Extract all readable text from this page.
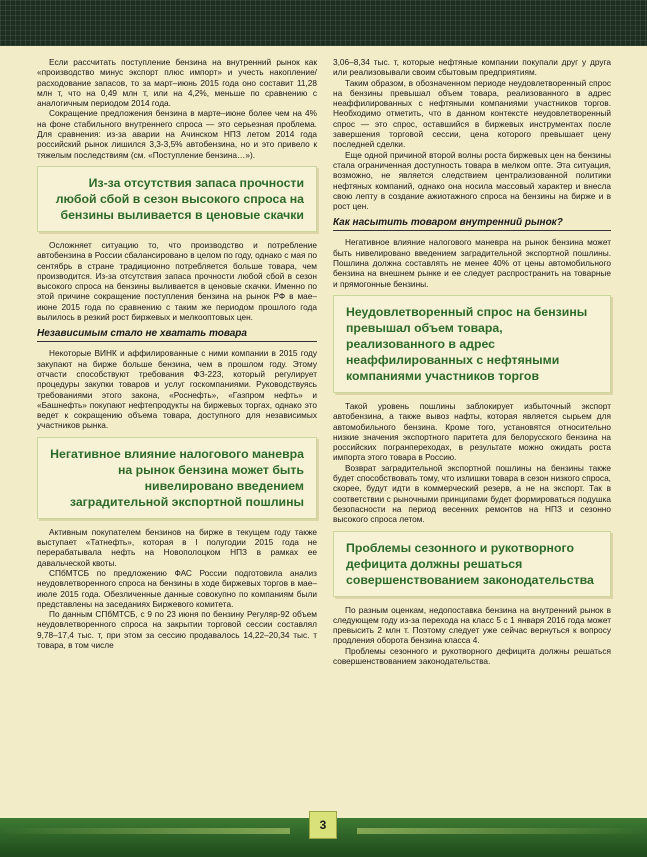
Если рассчитать поступление бензина на внутренний рынок как «производство минус экспорт плюс импорт» и учесть накопление/расходование запасов, то за март–июнь 2015 года оно составит 11,28 млн т, что на 0,49 млн т, или на 4,2%, меньше по сравнению с аналогичным периодом 2014 года.

Сокращение предложения бензина в марте–июне более чем на 4% на фоне стабильного внутреннего спроса — это серьезная проблема. Для сравнения: из-за аварии на Ачинском НПЗ летом 2014 года российский рынок лишился 3,3-3,5% автобензина, но и это привело к тяжелым последствиям (см. «Поступление бензина…»).

Из-за отсутствия запаса прочности любой сбой в сезон высокого спроса на бензины выливается в ценовые скачки

Осложняет ситуацию то, что производство и потребление автобензина в России сбалансировано в целом по году, однако с мая по сентябрь в стране традиционно потребляется больше товара, чем производится. Из-за отсутствия запаса прочности любой сбой в сезон высокого спроса на бензины выливается в ценовые скачки. Именно по этой причине сокращение поступления бензина на рынок РФ в мае–июне 2015 года по сравнению с таким же периодом прошлого года вылилось в резкий рост биржевых и мелкооптовых цен.

Независимым стало не хватать товара

Некоторые ВИНК и аффилированные с ними компании в 2015 году закупают на бирже больше бензина, чем в прошлом году. Этому отчасти способствуют требования ФЗ-223, который регулирует процедуры закупки товаров и услуг госкомпаниями. Руководствуясь требованиями этого закона, «Роснефть», «Газпром нефть» и «Башнефть» покупают нефтепродукты на биржевых торгах, однако это ведет к сокращению объема товара, доступного для независимых участников рынка.

Негативное влияние налогового маневра на рынок бензина может быть нивелировано введением заградительной экспортной пошлины

Активным покупателем бензинов на бирже в текущем году также выступает «Татнефть», которая в I полугодии 2015 года не перерабатывала нефть на Новополоцком НПЗ в рамках ее давальческой квоты.

СПбМТСБ по предложению ФАС России подготовила анализ неудовлетворенного спроса на бензины в ходе биржевых торгов в мае–июле 2015 года. Обезличенные данные совокупно по компаниям были представлены на заседаниях Биржевого комитета.

По данным СПбМТСБ, с 9 по 23 июня по бензину Регуляр-92 объем неудовлетворенного спроса на закрытии торговой сессии составлял 9,78–17,4 тыс. т, при этом за сессию продавалось 14,22–20,34 тыс. т товара, в том числе

3,06–8,34 тыс. т, которые нефтяные компании покупали друг у друга или реализовывали своим сбытовым предприятиям.

Таким образом, в обозначенном периоде неудовлетворенный спрос на бензины превышал объем товара, реализованного в адрес неаффилированных с нефтяными компаниями участников торгов. Необходимо отметить, что в данном контексте неудовлетворенный спрос — это спрос, оставшийся в биржевых инструментах после завершения торговой сессии, цена которого превышает цену последней сделки.

Еще одной причиной второй волны роста биржевых цен на бензины стала ограниченная доступность товара в мелком опте. Эта ситуация, возможно, не является следствием централизованной политики нефтяных компаний, однако она носила массовый характер и внесла свою лепту в создание ажиотажного спроса на бензины на бирже и в рост цен.

Как насытить товаром внутренний рынок?

Негативное влияние налогового маневра на рынок бензина может быть нивелировано введением заградительной экспортной пошлины. Пошлина должна составлять не менее 40% от цены автомобильного бензина на внешнем рынке и ее следует распространить на товарные и прямогонные бензины.

Неудовлетворенный спрос на бензины превышал объем товара, реализованного в адрес неаффилированных с нефтяными компаниями участников торгов

Такой уровень пошлины заблокирует избыточный экспорт автобензина, а также вывоз нафты, которая является сырьем для автомобильного бензина. Кроме того, установятся относительно низкие значения экспортного паритета для белорусского бензина на российских погранпереходах, в результате можно ожидать роста импорта этого товара в Россию.

Возврат заградительной экспортной пошлины на бензины также будет способствовать тому, что излишки товара в сезон низкого спроса, скорее, будут идти в коммерческий резерв, а не на экспорт. Так в соответствии с рыночными принципами будет формироваться подушка безопасности на период весенних ремонтов на НПЗ и сезонно высокого спроса летом.

Проблемы сезонного и рукотворного дефицита должны решаться совершенствованием законодательства

По разным оценкам, недопоставка бензина на внутренний рынок в следующем году из-за перехода на класс 5 с 1 января 2016 года может превысить 2 млн т. Поэтому следует уже сейчас вернуться к вопросу продления оборота бензина класса 4.

Проблемы сезонного и рукотворного дефицита должны решаться совершенствованием законодательства.

3
